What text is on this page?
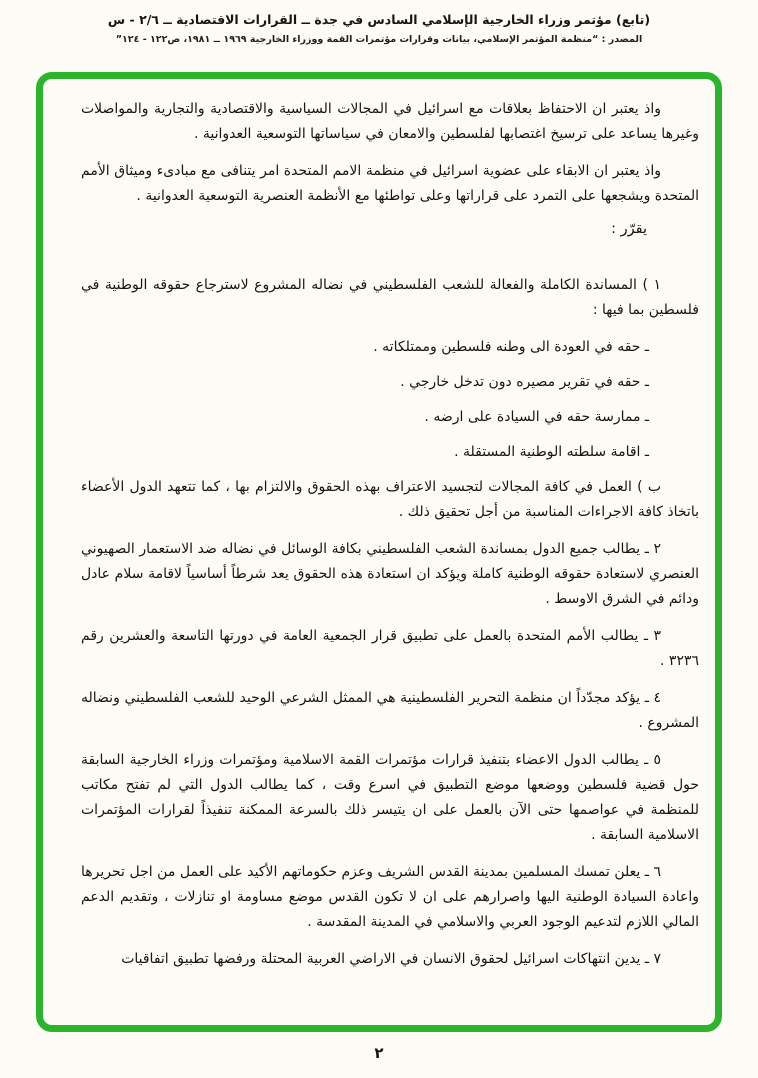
(تابع) مؤتمر وزراء الخارجية الإسلامي السادس في جدة ــ القرارات الاقتصادية ــ ٢/٦ - س
المصدر : “منظمة المؤتمر الإسلامي، بيانات وقرارات مؤتمرات القمة ووزراء الخارجية ١٩٦٩ ــ ١٩٨١، ص١٢٢ - ١٢٤”

واذ يعتبر ان الاحتفاظ بعلاقات مع اسرائيل في المجالات السياسية والاقتصادية والتجارية والمواصلات وغيرها يساعد على ترسيخ اغتصابها لفلسطين والامعان في سياساتها التوسعية العدوانية .

واذ يعتبر ان الابقاء على عضوية اسرائيل في منظمة الامم المتحدة امر يتنافى مع مبادىء وميثاق الأمم المتحدة ويشجعها على التمرد على قراراتها وعلى تواطئها مع الأنظمة العنصرية التوسعية العدوانية .

يقرّر :

١ ) المساندة الكاملة والفعالة للشعب الفلسطيني في نضاله المشروع لاسترجاع حقوقه الوطنية في فلسطين بما فيها :

ـ حقه في العودة الى وطنه فلسطين وممتلكاته .

ـ حقه في تقرير مصيره دون تدخل خارجي .

ـ ممارسة حقه في السيادة على ارضه .

ـ اقامة سلطته الوطنية المستقلة .

ب ) العمل في كافة المجالات لتجسيد الاعتراف بهذه الحقوق والالتزام بها ، كما تتعهد الدول الأعضاء باتخاذ كافة الاجراءات المناسبة من أجل تحقيق ذلك .

٢ ـ يطالب جميع الدول بمساندة الشعب الفلسطيني بكافة الوسائل في نضاله ضد الاستعمار الصهيوني العنصري لاستعادة حقوقه الوطنية كاملة ويؤكد ان استعادة هذه الحقوق يعد شرطاً أساسياً لاقامة سلام عادل ودائم في الشرق الاوسط .

٣ ـ يطالب الأمم المتحدة بالعمل على تطبيق قرار الجمعية العامة في دورتها التاسعة والعشرين رقم ٣٢٣٦ .

٤ ـ يؤكد مجدّداً ان منظمة التحرير الفلسطينية هي الممثل الشرعي الوحيد للشعب الفلسطيني ونضاله المشروع .

٥ ـ يطالب الدول الاعضاء بتنفيذ قرارات مؤتمرات القمة الاسلامية ومؤتمرات وزراء الخارجية السابقة حول قضية فلسطين ووضعها موضع التطبيق في اسرع وقت ، كما يطالب الدول التي لم تفتح مكاتب للمنظمة في عواصمها حتى الآن بالعمل على ان يتيسر ذلك بالسرعة الممكنة تنفيذاً لقرارات المؤتمرات الاسلامية السابقة .

٦ ـ يعلن تمسك المسلمين بمدينة القدس الشريف وعزم حكوماتهم الأكيد على العمل من اجل تحريرها واعادة السيادة الوطنية اليها واصرارهم على ان لا تكون القدس موضع مساومة او تنازلات ، وتقديم الدعم المالي اللازم لتدعيم الوجود العربي والاسلامي في المدينة المقدسة .

٧ ـ يدين انتهاكات اسرائيل لحقوق الانسان في الاراضي العربية المحتلة ورفضها تطبيق اتفاقيات

٢
